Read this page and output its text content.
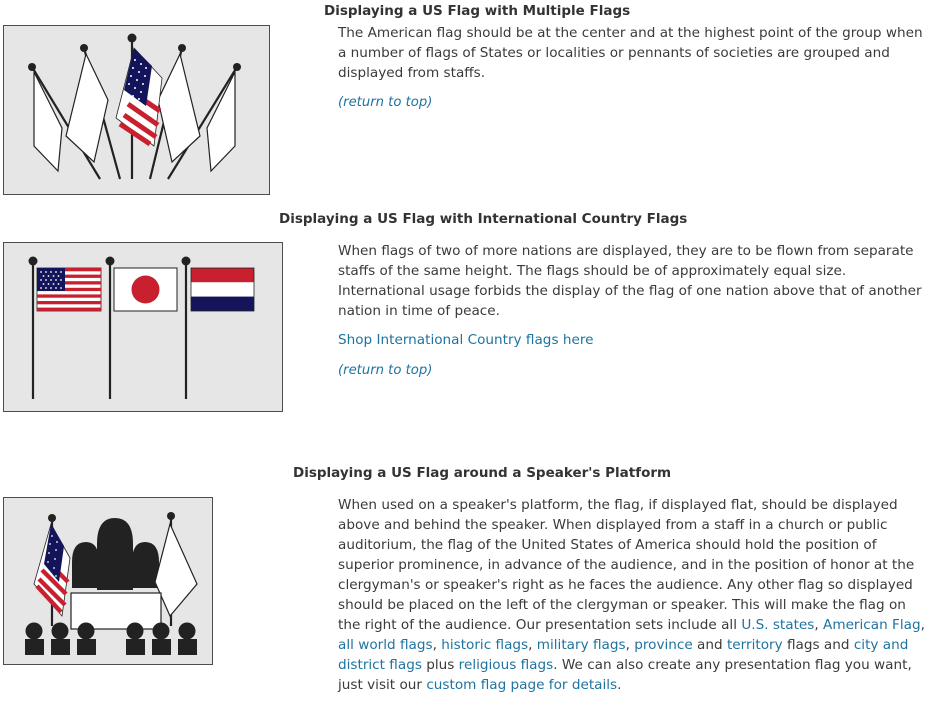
Displaying a US Flag with Multiple Flags

The American flag should be at the center and at the highest point of the group when a number of flags of States or localities or pennants of societies are grouped and displayed from staffs.

(return to top)
Displaying a US Flag with International Country Flags

When flags of two of more nations are displayed, they are to be flown from separate staffs of the same height. The flags should be of approximately equal size. International usage forbids the display of the flag of one nation above that of another nation in time of peace.

Shop International Country flags here
(return to top)
Displaying a US Flag around a Speaker's Platform

When used on a speaker's platform, the flag, if displayed flat, should be displayed above and behind the speaker. When displayed from a staff in a church or public auditorium, the flag of the United States of America should hold the position of superior prominence, in advance of the audience, and in the position of honor at the clergyman's or speaker's right as he faces the audience. Any other flag so displayed should be placed on the left of the clergyman or speaker. This will make the flag on the right of the audience. Our presentation sets include all U.S. states, American Flag, all world flags, historic flags, military flags, province and territory flags and city and district flags plus religious flags. We can also create any presentation flag you want, just visit our custom flag page for details.
